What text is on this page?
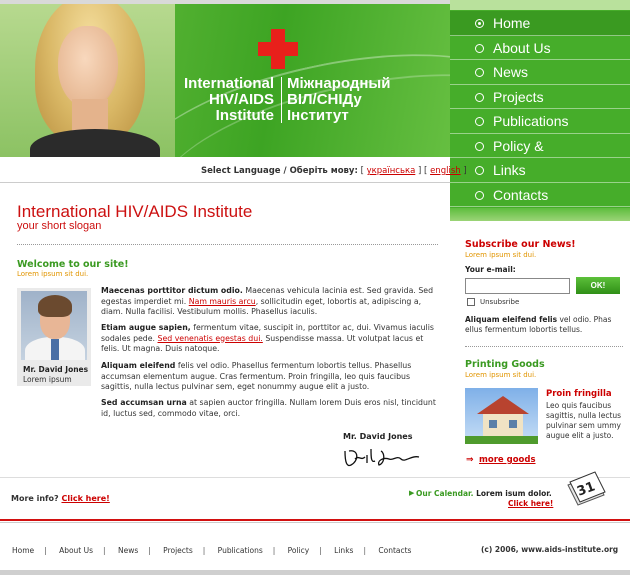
International
HIV/AIDS
Institute
Міжнародный
ВІЛ/СНІДу
Інститут
Home
About Us
News
Projects
Publications
Policy &
Links
Contacts
Select Language / Оберіть мову: [ українська ] [ english ]
International HIV/AIDS Institute
your short slogan
Welcome to our site!
Lorem ipsum sit dui.
Mr. David Jones
Lorem ipsum
Maecenas porttitor dictum odio. Maecenas vehicula lacinia est. Sed gravida. Sed egestas imperdiet mi. Nam mauris arcu, sollicitudin eget, lobortis at, adipiscing a, diam. Nulla facilisi. Vestibulum mollis. Phasellus iaculis.
Etiam augue sapien, fermentum vitae, suscipit in, porttitor ac, dui. Vivamus iaculis sodales pede. Sed venenatis egestas dui. Suspendisse massa. Ut volutpat lacus et felis. Ut magna. Duis natoque.
Aliquam eleifend felis vel odio. Phasellus fermentum lobortis tellus. Phasellus accumsan elementum augue. Cras fermentum. Proin fringilla, leo quis faucibus sagittis, nulla lectus pulvinar sem, eget nonummy augue elit a justo.
Sed accumsan urna at sapien auctor fringilla. Nullam lorem Duis eros nisl, tincidunt id, luctus sed, commodo vitae, orci.
Mr. David Jones
Subscribe our News!
Lorem ipsum sit dui.
Your e-mail:
OK!
Unsubsribe
Aliquam eleifend felis vel odio. Phas ellus fermentum lobortis tellus.
Printing Goods
Lorem ipsum sit dui.
Proin fringilla
Leo quis faucibus sagittis, nulla lectus pulvinar sem ummy augue elit a justo.
⇒ more goods
More info? Click here!
▶ Our Calendar. Lorem isum dolor.
Click here!
31
Home | About Us | News | Projects | Publications | Policy | Links | Contacts	(c) 2006, www.aids-institute.org
